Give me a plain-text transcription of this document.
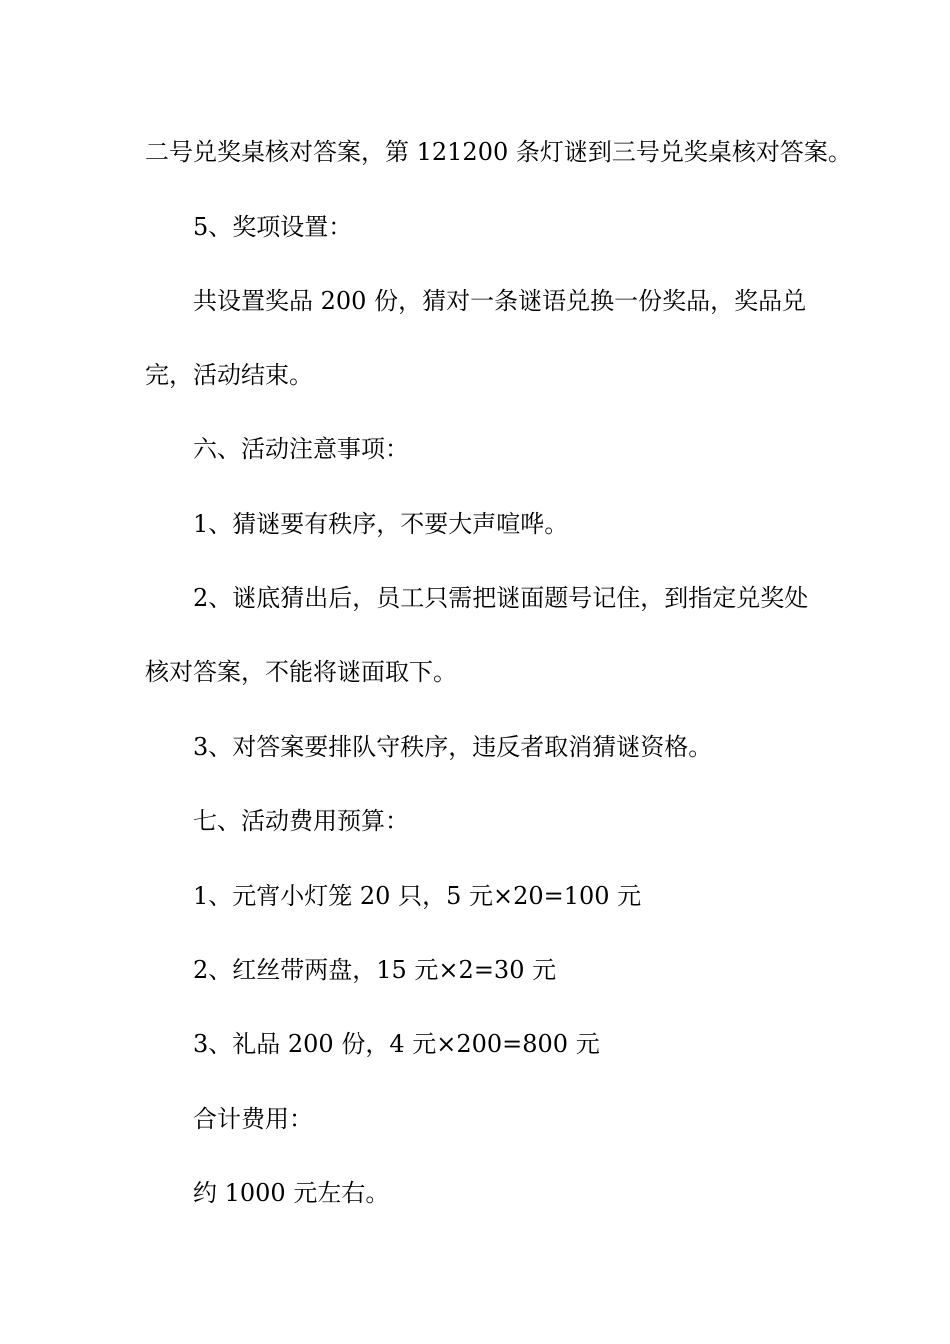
二号兑奖桌核对答案，第 121200 条灯谜到三号兑奖桌核对答案。
5、奖项设置：
共设置奖品 200 份，猜对一条谜语兑换一份奖品，奖品兑
完，活动结束。
六、活动注意事项：
1、猜谜要有秩序，不要大声喧哗。
2、谜底猜出后，员工只需把谜面题号记住，到指定兑奖处
核对答案，不能将谜面取下。
3、对答案要排队守秩序，违反者取消猜谜资格。
七、活动费用预算：
1、元宵小灯笼 20 只，5 元×20=100 元
2、红丝带两盘，15 元×2=30 元
3、礼品 200 份，4 元×200=800 元
合计费用：
约 1000 元左右。
